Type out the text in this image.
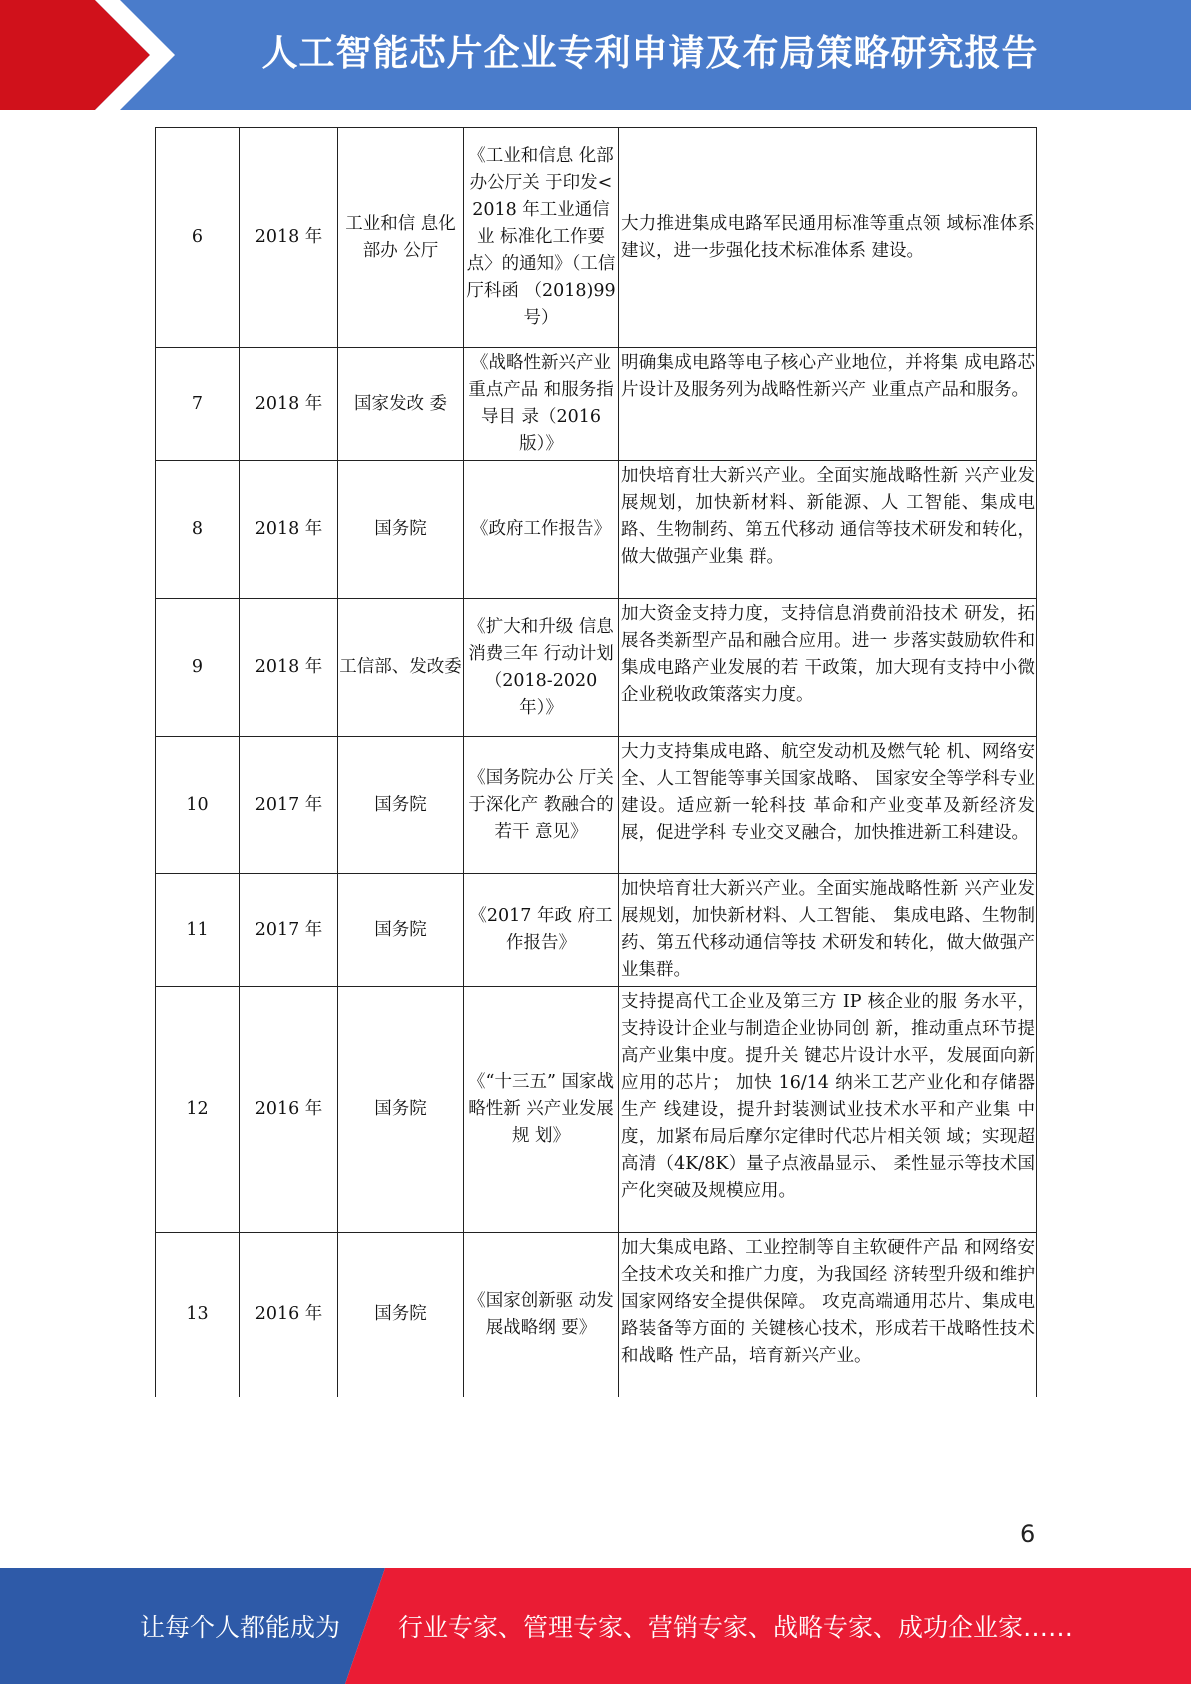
人工智能芯片企业专利申请及布局策略研究报告
6	2018 年	工业和信 息化部办 公厅	《工业和信息 化部办公厅关 于印发<2018 年工业通信业 标准化工作要 点〉的通知》（工信厅科函 （2018)99 号）	大力推进集成电路军民通用标准等重点领 域标准体系建议，进一步强化技术标准体系 建设。
7	2018 年	国家发改 委	《战略性新兴产业重点产品 和服务指导目 录（2016 版）》	明确集成电路等电子核心产业地位，并将集 成电路芯片设计及服务列为战略性新兴产 业重点产品和服务。
8	2018 年	国务院	《政府工作报告》	加快培育壮大新兴产业。全面实施战略性新 兴产业发展规划，加快新材料、新能源、人 工智能、集成电路、生物制药、第五代移动 通信等技术研发和转化，做大做强产业集 群。
9	2018 年	工信部、发改委	《扩大和升级 信息消费三年 行动计划（2018-2020 年）》	加大资金支持力度，支持信息消费前沿技术 研发，拓展各类新型产品和融合应用。进一 步落实鼓励软件和集成电路产业发展的若 干政策，加大现有支持中小微企业税收政策落实力度。
10	2017 年	国务院	《国务院办公 厅关于深化产 教融合的若干 意见》	大力支持集成电路、航空发动机及燃气轮 机、网络安全、人工智能等事关国家战略、 国家安全等学科专业建设。适应新一轮科技 革命和产业变革及新经济发展，促进学科 专业交叉融合，加快推进新工科建设。
11	2017 年	国务院	《2017 年政 府工作报告》	加快培育壮大新兴产业。全面实施战略性新 兴产业发展规划，加快新材料、人工智能、 集成电路、生物制药、第五代移动通信等技 术研发和转化，做大做强产业集群。
12	2016 年	国务院	《“十三五” 国家战略性新 兴产业发展规 划》	支持提高代工企业及第三方 IP 核企业的服 务水平，支持设计企业与制造企业协同创 新，推动重点环节提高产业集中度。提升关 键芯片设计水平，发展面向新应用的芯片； 加快 16/14 纳米工艺产业化和存储器生产 线建设，提升封装测试业技术水平和产业集 中度，加紧布局后摩尔定律时代芯片相关领 域；实现超高清（4K/8K）量子点液晶显示、 柔性显示等技术国产化突破及规模应用。
13	2016 年	国务院	《国家创新驱 动发展战略纲 要》	加大集成电路、工业控制等自主软硬件产品 和网络安全技术攻关和推广力度，为我国经 济转型升级和维护国家网络安全提供保障。 攻克高端通用芯片、集成电路装备等方面的 关键核心技术，形成若干战略性技术和战略 性产品，培育新兴产业。
6
让每个人都能成为	行业专家、管理专家、营销专家、战略专家、成功企业家……
